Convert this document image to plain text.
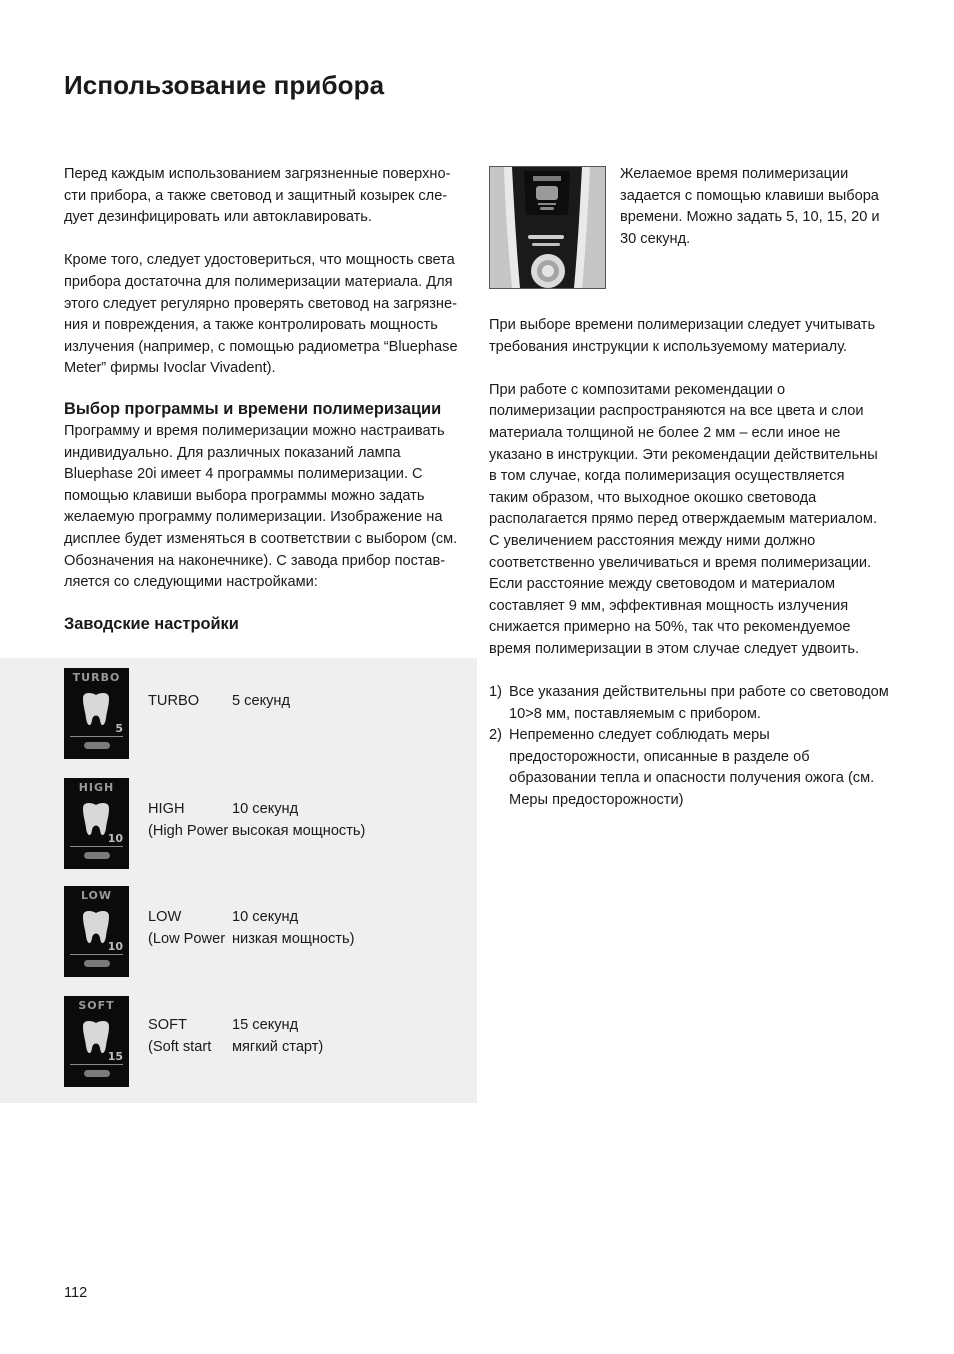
Использование прибора

Перед каждым использованием загрязненные поверхно-
сти прибора, а также световод и защитный козырек сле-
дует дезинфицировать или автоклавировать.

Кроме того, следует удостовериться, что мощность света
прибора достаточна для полимеризации материала. Для
этого следует регулярно проверять световод на загрязне-
ния и повреждения, а также контролировать мощность
излучения (например, с помощью радиометра “Bluephase
Meter” фирмы Ivoclar Vivadent).

Выбор программы и времени полимеризации

Программу и время полимеризации можно настраивать
индивидуально. Для различных показаний лампа
Bluephase 20i имеет 4 программы полимеризации. С
помощью клавиши выбора программы можно задать
желаемую программу полимеризации. Изображение на
дисплее будет изменяться в соответствии с выбором (см.
Обозначения на наконечнике). С завода прибор постав-
ляется со следующими настройками:

Заводские настройки
TURBO
5
TURBO 5 секунд
HIGH
10
HIGH	10 секунд
(High Power высокая мощность)
LOW
10
LOW	10 секунд
(Low Power низкая мощность)
SOFT
15
SOFT	15 секунд
(Soft start мягкий старт)

Желаемое время полимеризации
задается с помощью клавиши выбора
времени. Можно задать 5, 10, 15, 20 и
30 секунд.

При выборе времени полимеризации следует учитывать
требования инструкции к используемому материалу.

При работе с композитами рекомендации о
полимеризации распространяются на все цвета и слои
материала толщиной не более 2 мм – если иное не
указано в инструкции. Эти рекомендации действительны
в том случае, когда полимеризация осуществляется
таким образом, что выходное окошко световода
располагается прямо перед отверждаемым материалом.
С увеличением расстояния между ними должно
соответственно увеличиваться и время полимеризации.
Если расстояние между световодом и материалом
составляет 9 мм, эффективная мощность излучения
снижается примерно на 50%, так что рекомендуемое
время полимеризации в этом случае следует удвоить.

1) Все указания действительны при работе со световодом
10>8 мм, поставляемым с прибором.
2) Непременно следует соблюдать меры
предосторожности, описанные в разделе об
образовании тепла и опасности получения ожога (см.
Меры предосторожности)
112
